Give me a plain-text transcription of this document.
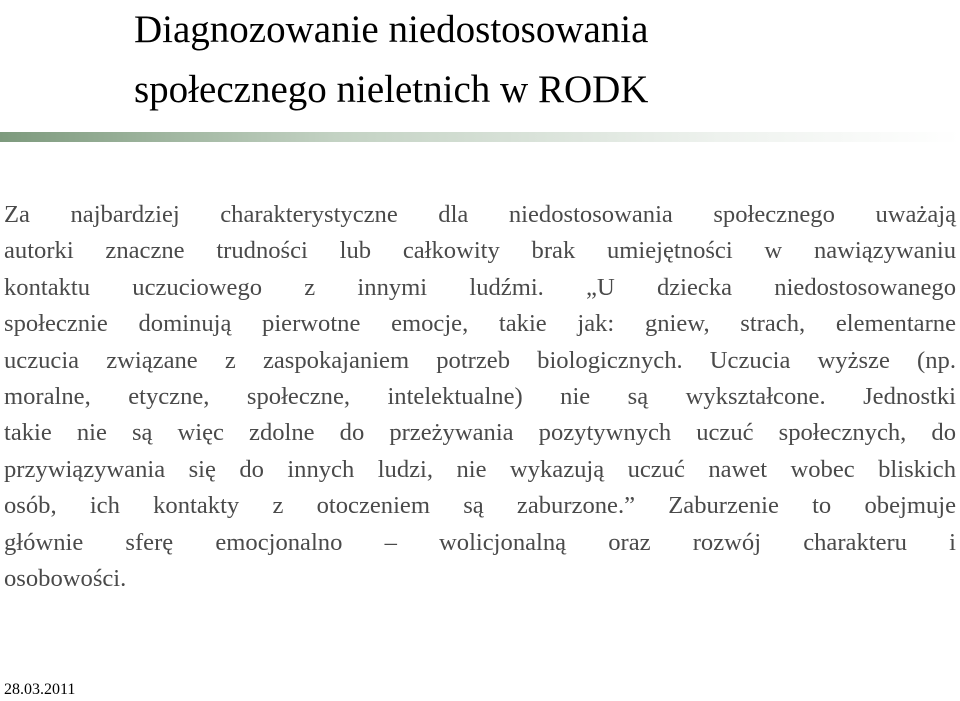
Diagnozowanie niedostosowania
społecznego nieletnich w RODK
Za najbardziej charakterystyczne dla niedostosowania społecznego uważają
autorki znaczne trudności lub całkowity brak umiejętności w nawiązywaniu
kontaktu uczuciowego z innymi ludźmi. „U dziecka niedostosowanego
społecznie dominują pierwotne emocje, takie jak: gniew, strach, elementarne
uczucia związane z zaspokajaniem potrzeb biologicznych. Uczucia wyższe (np.
moralne, etyczne, społeczne, intelektualne) nie są wykształcone. Jednostki
takie nie są więc zdolne do przeżywania pozytywnych uczuć społecznych, do
przywiązywania się do innych ludzi, nie wykazują uczuć nawet wobec bliskich
osób, ich kontakty z otoczeniem są zaburzone.” Zaburzenie to obejmuje
głównie sferę emocjonalno – wolicjonalną oraz rozwój charakteru i
osobowości.
28.03.2011
